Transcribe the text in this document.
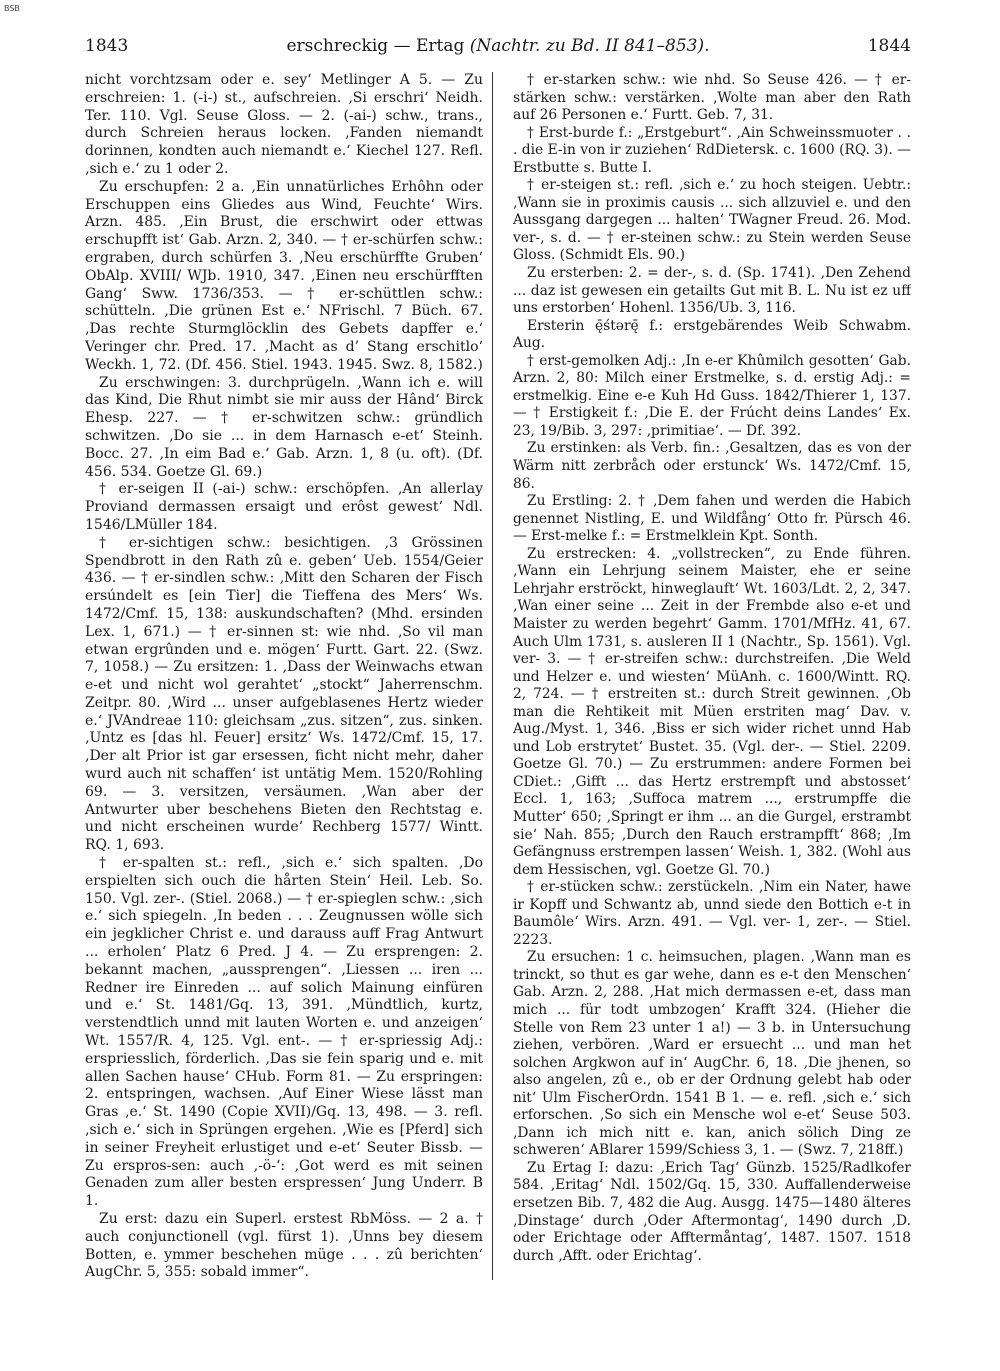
BSB
1843	erschreckig — Ertag (Nachtr. zu Bd. II 841–853).	1844

nicht vorchtzsam oder e. sey‘ Metlinger A 5. — Zu erschreien: 1. (-i-) st., aufschreien. ‚Si erschri‘ Neidh. Ter. 110. Vgl. Seuse Gloss. — 2. (-ai-) schw., trans., durch Schreien heraus locken. ‚Fanden niemandt dorinnen, kondten auch niemandt e.‘ Kiechel 127. Refl. ‚sich e.‘ zu 1 oder 2.

Zu erschupfen: 2 a. ‚Ein unnatürliches Erhôhn oder Erschuppen eins Gliedes aus Wind, Feuchte‘ Wirs. Arzn. 485. ‚Ein Brust, die erschwirt oder ettwas erschupfft ist‘ Gab. Arzn. 2, 340. — † er-schürfen schw.: ergraben, durch schürfen 3. ‚Neu erschürffte Gruben‘ ObAlp. XVIII/ WJb. 1910, 347. ‚Einen neu erschürfften Gang‘ Sww. 1736/353. — † er-schüttlen schw.: schütteln. ‚Die grünen Est e.‘ NFrischl. 7 Büch. 67. ‚Das rechte Sturmglöcklin des Gebets dapffer e.‘ Veringer chr. Pred. 17. ‚Macht as d’ Stang erschitlo‘ Weckh. 1, 72. (Df. 456. Stiel. 1943. 1945. Swz. 8, 1582.)

Zu erschwingen: 3. durchprügeln. ‚Wann ich e. will das Kind, Die Rhut nimbt sie mir auss der Hând‘ Birck Ehesp. 227. — † er-schwitzen schw.: gründlich schwitzen. ‚Do sie ... in dem Harnasch e-et‘ Steinh. Bocc. 27. ‚In eim Bad e.‘ Gab. Arzn. 1, 8 (u. oft). (Df. 456. 534. Goetze Gl. 69.)

† er-seigen II (-ai-) schw.: erschöpfen. ‚An allerlay Proviand dermassen ersaigt und erôst gewest‘ Ndl. 1546/LMüller 184.

† er-sichtigen schw.: besichtigen. ‚3 Grössinen Spendbrott in den Rath zû e. geben‘ Ueb. 1554/Geier 436. — † er-sindlen schw.: ‚Mitt den Scharen der Fisch ersúndelt es [ein Tier] die Tieffena des Mers‘ Ws. 1472/Cmf. 15, 138: auskundschaften? (Mhd. ersinden Lex. 1, 671.) — † er-sinnen st: wie nhd. ‚So vil man etwan ergrûnden und e. mögen‘ Furtt. Gart. 22. (Swz. 7, 1058.) — Zu ersitzen: 1. ‚Dass der Weinwachs etwan e-et und nicht wol gerahtet‘ „stockt“ Jaherrenschm. Zeitpr. 80. ‚Wird ... unser aufgeblasenes Hertz wieder e.‘ JVAndreae 110: gleichsam „zus. sitzen“, zus. sinken. ‚Untz es [das hl. Feuer] ersitz‘ Ws. 1472/Cmf. 15, 17. ‚Der alt Prior ist gar ersessen, ficht nicht mehr, daher wurd auch nit schaffen‘ ist untätig Mem. 1520/Rohling 69. — 3. versitzen, versäumen. ‚Wan aber der Antwurter uber beschehens Bieten den Rechtstag e. und nicht erscheinen wurde‘ Rechberg 1577/ Wintt. RQ. 1, 693.

† er-spalten st.: refl., ‚sich e.‘ sich spalten. ‚Do erspielten sich ouch die hårten Stein‘ Heil. Leb. So. 150. Vgl. zer-. (Stiel. 2068.) — † er-spieglen schw.: ‚sich e.‘ sich spiegeln. ‚In beden . . . Zeugnussen wölle sich ein jegklicher Christ e. und darauss auff Frag Antwurt ... erholen‘ Platz 6 Pred. J 4. — Zu ersprengen: 2. bekannt machen, „aussprengen“. ‚Liessen ... iren ... Redner ire Einreden ... auf solich Mainung einfüren und e.‘ St. 1481/Gq. 13, 391. ‚Mündtlich, kurtz, verstendtlich unnd mit lauten Worten e. und anzeigen‘ Wt. 1557/R. 4, 125. Vgl. ent-. — † er-spriessig Adj.: erspriesslich, förderlich. ‚Das sie fein sparig und e. mit allen Sachen hause‘ CHub. Form 81. — Zu erspringen: 2. entspringen, wachsen. ‚Auf Einer Wiese lässt man Gras ‚e.‘ St. 1490 (Copie XVII)/Gq. 13, 498. — 3. refl. ‚sich e.‘ sich in Sprüngen ergehen. ‚Wie es [Pferd] sich in seiner Freyheit erlustiget und e-et‘ Seuter Bissb. — Zu erspros-sen: auch ‚-ö-‘: ‚Got werd es mit seinen Genaden zum aller besten erspressen‘ Jung Underr. B 1.

Zu erst: dazu ein Superl. erstest RbMöss. — 2 a. † auch conjunctionell (vgl. fürst 1). ‚Unns bey diesem Botten, e. ymmer beschehen müge . . . zû berichten‘ AugChr. 5, 355: sobald immer“.

† er-starken schw.: wie nhd. So Seuse 426. — † er-stärken schw.: verstärken. ‚Wolte man aber den Rath auf 26 Personen e.‘ Furtt. Geb. 7, 31.

† Erst-burde f.: „Erstgeburt“. ‚Ain Schweinssmuoter . . . die E-in von ir zuziehen‘ RdDietersk. c. 1600 (RQ. 3). — Erstbutte s. Butte I.

† er-steigen st.: refl. ‚sich e.‘ zu hoch steigen. Uebtr.: ‚Wann sie in proximis causis ... sich allzuviel e. und den Aussgang dargegen ... halten‘ TWagner Freud. 26. Mod. ver-, s. d. — † er-steinen schw.: zu Stein werden Seuse Gloss. (Schmidt Els. 90.)

Zu ersterben: 2. = der-, s. d. (Sp. 1741). ‚Den Zehend ... daz ist gewesen ein getailts Gut mit B. L. Nu ist ez uff uns erstorben‘ Hohenl. 1356/Ub. 3, 116.

Ersterin ę̄śtərę̄ f.: erstgebärendes Weib Schwabm. Aug.

† erst-gemolken Adj.: ‚In e-er Khûmilch gesotten‘ Gab. Arzn. 2, 80: Milch einer Erstmelke, s. d. erstig Adj.: = erstmelkig. Eine e-e Kuh Hd Guss. 1842/Thierer 1, 137. — † Erstigkeit f.: ‚Die E. der Frúcht deins Landes‘ Ex. 23, 19/Bib. 3, 297: ‚primitiae‘. — Df. 392.

Zu erstinken: als Verb. fin.: ‚Gesaltzen, das es von der Wärm nitt zerbråch oder erstunck‘ Ws. 1472/Cmf. 15, 86.

Zu Erstling: 2. † ‚Dem fahen und werden die Habich genennet Nistling, E. und Wildfång‘ Otto fr. Pürsch 46. — Erst-melke f.: = Erstmelklein Kpt. Sonth.

Zu erstrecken: 4. „vollstrecken“, zu Ende führen. ‚Wann ein Lehrjung seinem Maister, ehe er seine Lehrjahr erströckt, hinweglauft‘ Wt. 1603/Ldt. 2, 2, 347. ‚Wan einer seine ... Zeit in der Frembde also e-et und Maister zu werden begehrt‘ Gamm. 1701/MfHz. 41, 67. Auch Ulm 1731, s. ausleren II 1 (Nachtr., Sp. 1561). Vgl. ver- 3. — † er-streifen schw.: durchstreifen. ‚Die Weld und Helzer e. und wiesten‘ MüAnh. c. 1600/Wintt. RQ. 2, 724. — † erstreiten st.: durch Streit gewinnen. ‚Ob man die Rehtikeit mit Müen erstriten mag‘ Dav. v. Aug./Myst. 1, 346. ‚Biss er sich wider richet unnd Hab und Lob erstrytet‘ Bustet. 35. (Vgl. der-. — Stiel. 2209. Goetze Gl. 70.) — Zu erstrummen: andere Formen bei CDiet.: ‚Gifft ... das Hertz erstrempft und abstosset‘ Eccl. 1, 163; ‚Suffoca matrem ..., erstrumpffe die Mutter‘ 650; ‚Springt er ihm ... an die Gurgel, erstrambt sie‘ Nah. 855; ‚Durch den Rauch erstrampfft‘ 868; ‚Im Gefängnuss erstrempen lassen‘ Weish. 1, 382. (Wohl aus dem Hessischen, vgl. Goetze Gl. 70.)

† er-stücken schw.: zerstückeln. ‚Nim ein Nater, hawe ir Kopff und Schwantz ab, unnd siede den Bottich e-t in Baumôle‘ Wirs. Arzn. 491. — Vgl. ver- 1, zer-. — Stiel. 2223.

Zu ersuchen: 1 c. heimsuchen, plagen. ‚Wann man es trinckt, so thut es gar wehe, dann es e-t den Menschen‘ Gab. Arzn. 2, 288. ‚Hat mich dermassen e-et, dass man mich ... für todt umbzogen‘ Krafft 324. (Hieher die Stelle von Rem 23 unter 1 a!) — 3 b. in Untersuchung ziehen, verbören. ‚Ward er ersuecht ... und man het solchen Argkwon auf in‘ AugChr. 6, 18. ‚Die jhenen, so also angelen, zû e., ob er der Ordnung gelebt hab oder nit‘ Ulm FischerOrdn. 1541 B 1. — e. refl. ‚sich e.‘ sich erforschen. ‚So sich ein Mensche wol e-et‘ Seuse 503. ‚Dann ich mich nitt e. kan, anich sölich Ding ze schweren‘ ABlarer 1599/Schiess 3, 1. — (Swz. 7, 218ff.)

Zu Ertag I: dazu: ‚Erich Tag‘ Günzb. 1525/Radlkofer 584. ‚Eritag‘ Ndl. 1502/Gq. 15, 330. Auffallenderweise ersetzen Bib. 7, 482 die Aug. Ausgg. 1475—1480 älteres ‚Dinstage‘ durch ‚Oder Aftermontag‘, 1490 durch ‚D. oder Erichtage oder Afftermåntag‘, 1487. 1507. 1518 durch ‚Afft. oder Erichtag‘.
